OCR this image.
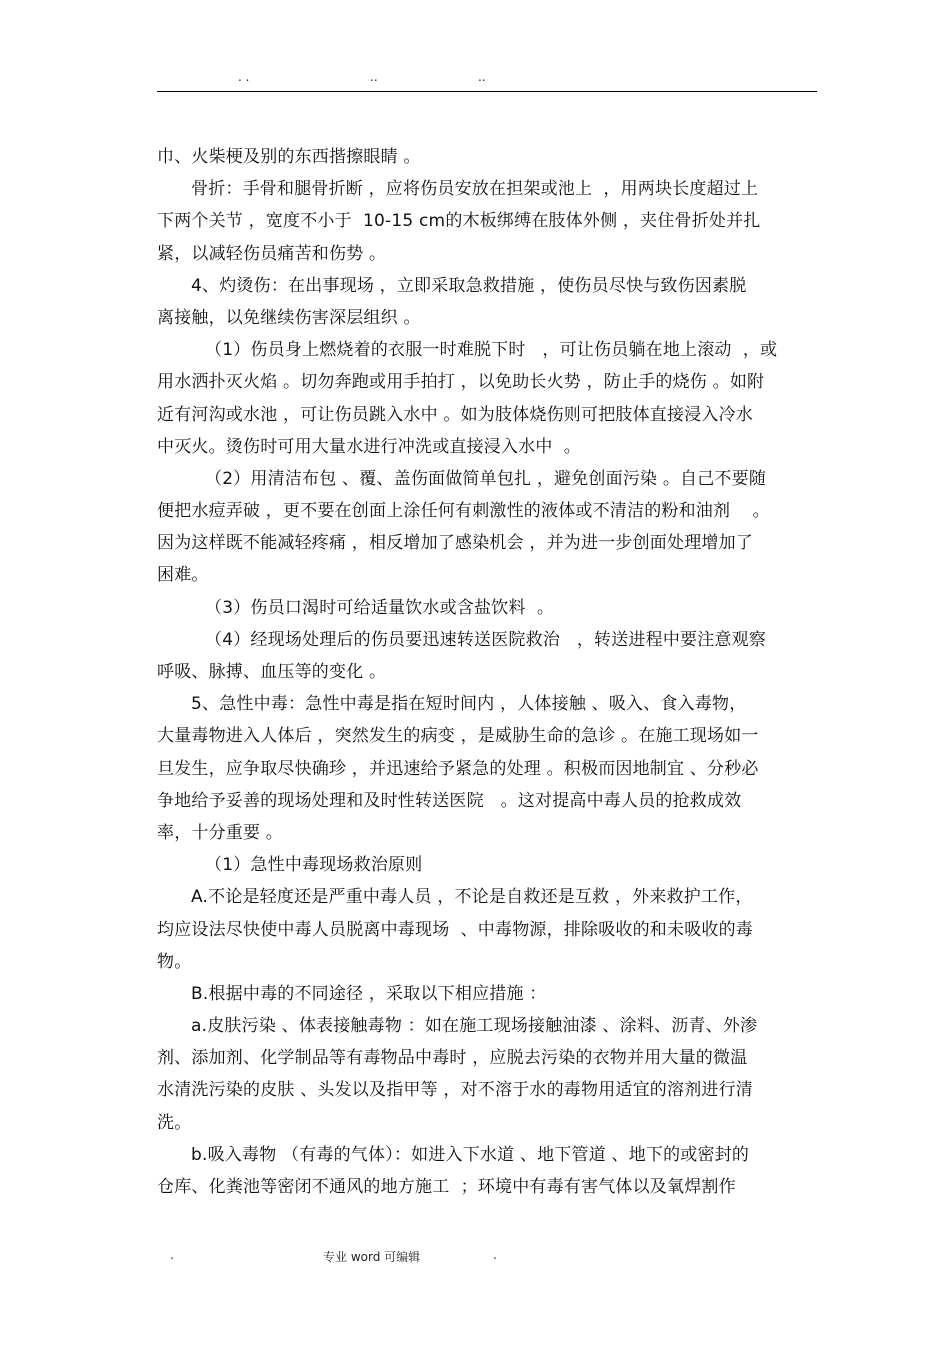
. .	..	..
巾、火柴梗及别的东西揩擦眼睛 。
骨折：手骨和腿骨折断 ，应将伤员安放在担架或池上  ，用两块长度超过上
下两个关节 ，宽度不小于  10-15 cm的木板绑缚在肢体外侧 ，夹住骨折处并扎
紧，以减轻伤员痛苦和伤势 。
4、灼烫伤：在出事现场 ，立即采取急救措施 ，使伤员尽快与致伤因素脱
离接触，以免继续伤害深层组织 。
（1）伤员身上燃烧着的衣服一时难脱下时   ，可让伤员躺在地上滚动  ，或
用水洒扑灭火焰 。切勿奔跑或用手拍打 ，以免助长火势 ，防止手的烧伤 。如附
近有河沟或水池 ，可让伤员跳入水中 。如为肢体烧伤则可把肢体直接浸入冷水
中灭火。烫伤时可用大量水进行冲洗或直接浸入水中  。
（2）用清洁布包 、覆、盖伤面做简单包扎 ，避免创面污染 。自己不要随
便把水痘弄破 ，更不要在创面上涂任何有刺激性的液体或不清洁的粉和油剂    。
因为这样既不能减轻疼痛 ，相反增加了感染机会 ，并为进一步创面处理增加了
困难。
（3）伤员口渴时可给适量饮水或含盐饮料  。
（4）经现场处理后的伤员要迅速转送医院救治   ，转送进程中要注意观察
呼吸、脉搏、血压等的变化 。
5、急性中毒：急性中毒是指在短时间内 ，人体接触 、吸入、食入毒物，
大量毒物进入人体后 ，突然发生的病变 ，是威胁生命的急诊 。在施工现场如一
旦发生，应争取尽快确珍 ，并迅速给予紧急的处理 。积极而因地制宜 、分秒必
争地给予妥善的现场处理和及时性转送医院   。这对提高中毒人员的抢救成效
率，十分重要 。
（1）急性中毒现场救治原则
A.不论是轻度还是严重中毒人员 ，不论是自救还是互救 ，外来救护工作，
均应设法尽快使中毒人员脱离中毒现场  、中毒物源，排除吸收的和未吸收的毒
物。
B.根据中毒的不同途径 ，采取以下相应措施 ：
a.皮肤污染 、体表接触毒物 ：如在施工现场接触油漆 、涂料、沥青、外渗
剂、添加剂、化学制品等有毒物品中毒时 ，应脱去污染的衣物并用大量的微温
水清洗污染的皮肤 、头发以及指甲等 ，对不溶于水的毒物用适宜的溶剂进行清
洗。
b.吸入毒物 （有毒的气体）：如进入下水道 、地下管道 、地下的或密封的
仓库、化粪池等密闭不通风的地方施工  ；环境中有毒有害气体以及氧焊割作
.	专业 word 可编辑	.
